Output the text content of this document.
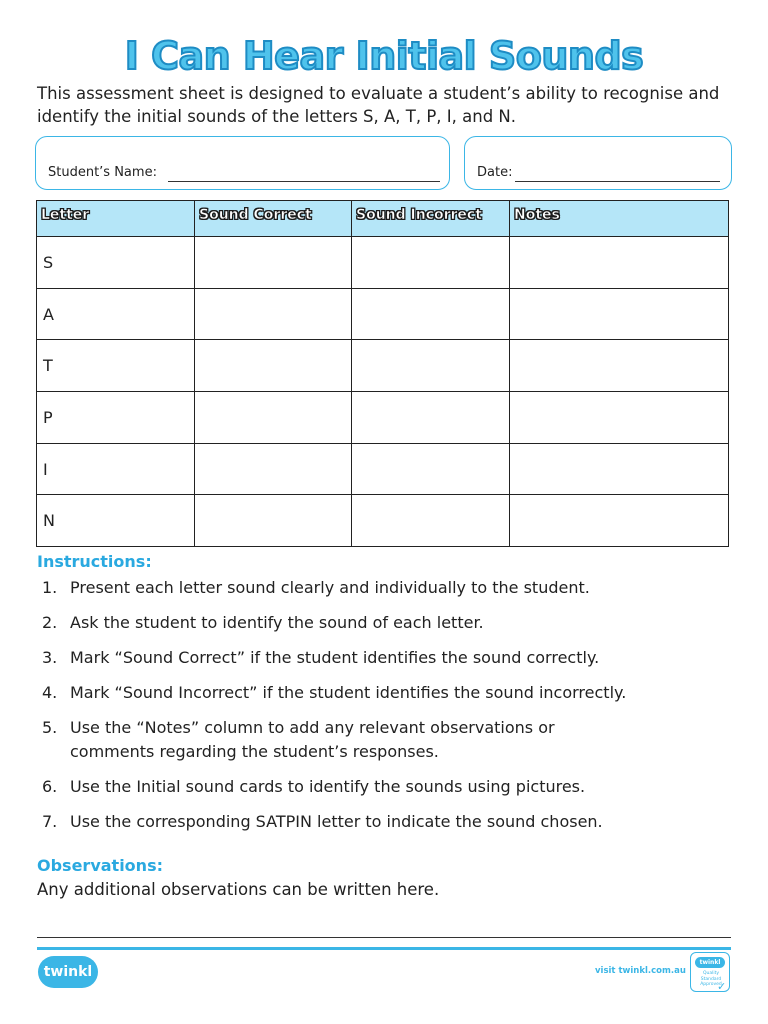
I Can Hear Initial Sounds

This assessment sheet is designed to evaluate a student’s ability to recognise and identify the initial sounds of the letters S, A, T, P, I, and N.

Student’s Name:	Date:
Letter	Sound Correct	Sound Incorrect	Notes
S			
A			
T			
P			
I			
N			
Instructions:
1. Present each letter sound clearly and individually to the student.
2. Ask the student to identify the sound of each letter.
3. Mark “Sound Correct” if the student identifies the sound correctly.
4. Mark “Sound Incorrect” if the student identifies the sound incorrectly.
5. Use the “Notes” column to add any relevant observations or comments regarding the student’s responses.
6. Use the Initial sound cards to identify the sounds using pictures.
7. Use the corresponding SATPIN letter to indicate the sound chosen.
Observations:
Any additional observations can be written here.
twinkl	visit twinkl.com.au
twinkl
Quality Standard Approved
✓
